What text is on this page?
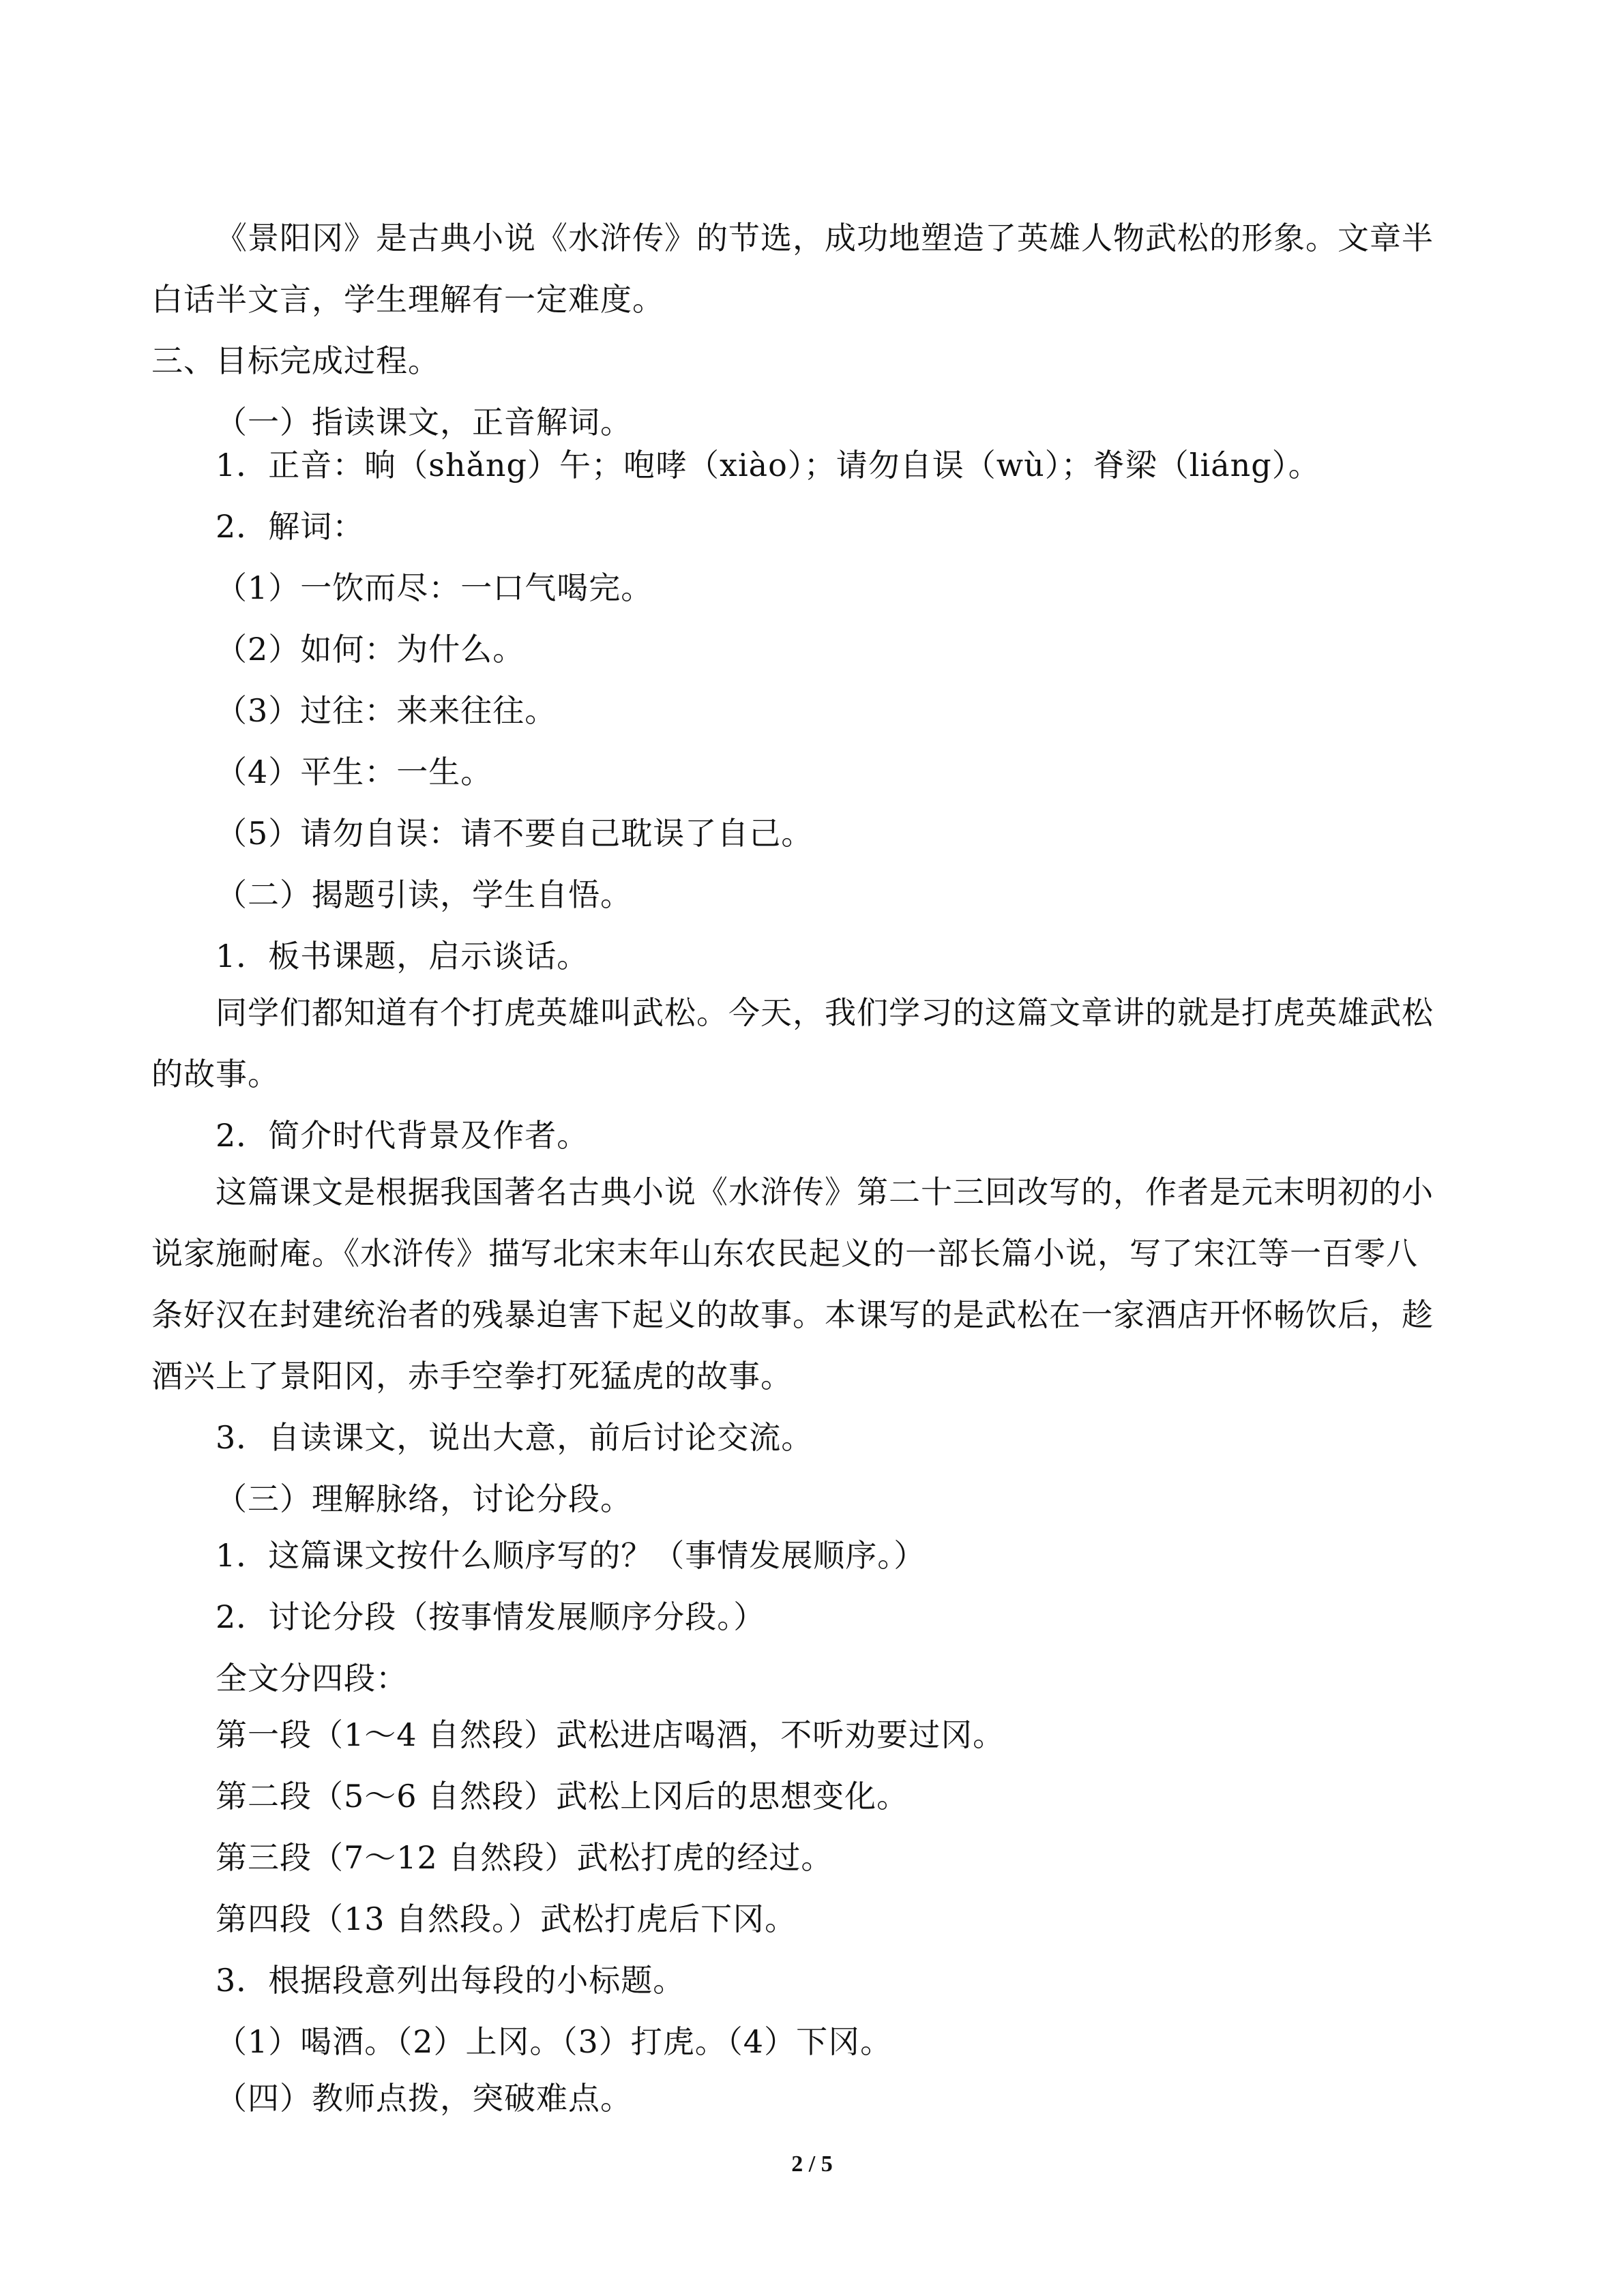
《景阳冈》是古典小说《水浒传》的节选，成功地塑造了英雄人物武松的形象。文章半
白话半文言，学生理解有一定难度。
三、目标完成过程。
（一）指读课文，正音解词。
1．正音：晌（shǎng）午；咆哮（xiào）；请勿自误（wù）；脊梁（liáng）。
2．解词：
（1）一饮而尽：一口气喝完。
（2）如何：为什么。
（3）过往：来来往往。
（4）平生：一生。
（5）请勿自误：请不要自己耽误了自己。
（二）揭题引读，学生自悟。
1．板书课题，启示谈话。
同学们都知道有个打虎英雄叫武松。今天，我们学习的这篇文章讲的就是打虎英雄武松
的故事。
2．简介时代背景及作者。
这篇课文是根据我国著名古典小说《水浒传》第二十三回改写的，作者是元末明初的小
说家施耐庵。《水浒传》描写北宋末年山东农民起义的一部长篇小说，写了宋江等一百零八
条好汉在封建统治者的残暴迫害下起义的故事。本课写的是武松在一家酒店开怀畅饮后，趁
酒兴上了景阳冈，赤手空拳打死猛虎的故事。
3．自读课文，说出大意，前后讨论交流。
（三）理解脉络，讨论分段。
1．这篇课文按什么顺序写的？（事情发展顺序。）
2．讨论分段（按事情发展顺序分段。）
全文分四段：
第一段（1～4 自然段）武松进店喝酒，不听劝要过冈。
第二段（5～6 自然段）武松上冈后的思想变化。
第三段（7～12 自然段）武松打虎的经过。
第四段（13 自然段。）武松打虎后下冈。
3．根据段意列出每段的小标题。
（1）喝酒。（2）上冈。（3）打虎。（4）下冈。
（四）教师点拨，突破难点。
2 / 5
